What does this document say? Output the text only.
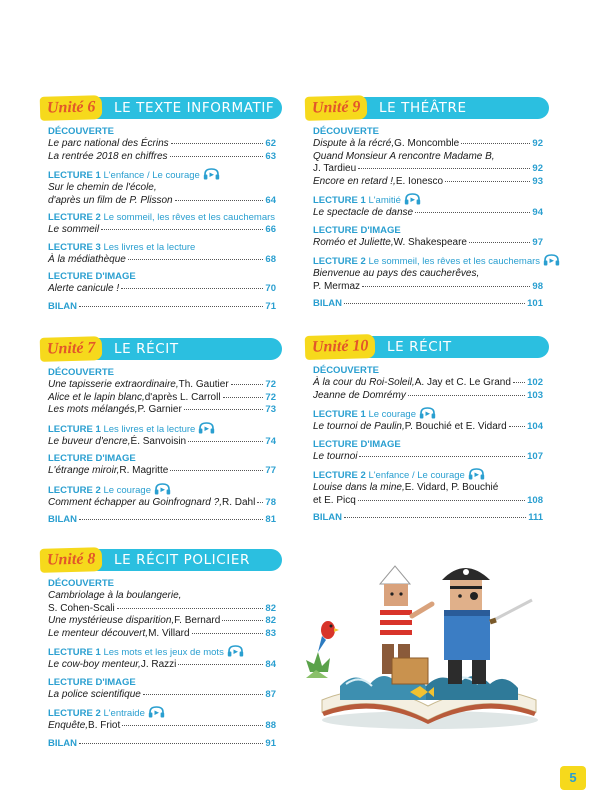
Unité 6	LE TEXTE INFORMATIF
DÉCOUVERTE
Le parc national des Écrins	62
La rentrée 2018 en chiffres	63
LECTURE 1 L'enfance / Le courage
Sur le chemin de l'école,
d'après un film de P. Plisson	64
LECTURE 2 Le sommeil, les rêves et les cauchemars
Le sommeil	66
LECTURE 3 Les livres et la lecture
À la médiathèque	68
LECTURE D'IMAGE
Alerte canicule !	70
BILAN	71
Unité 7	LE RÉCIT FANTASTIQUE
DÉCOUVERTE
Une tapisserie extraordinaire, Th. Gautier	72
Alice et le lapin blanc, d'après L. Carroll	72
Les mots mélangés, P. Garnier	73
LECTURE 1 Les livres et la lecture
Le buveur d'encre, É. Sanvoisin	74
LECTURE D'IMAGE
L'étrange miroir, R. Magritte	77
LECTURE 2 Le courage
Comment échapper au Goinfrognard ?, R. Dahl 78
BILAN	81
Unité 8	LE RÉCIT POLICIER
DÉCOUVERTE
Cambriolage à la boulangerie,
S. Cohen-Scali	82
Une mystérieuse disparition, F. Bernard	82
Le menteur découvert, M. Villard	83
LECTURE 1 Les mots et les jeux de mots
Le cow-boy menteur, J. Razzi	84
LECTURE D'IMAGE
La police scientifique	87
LECTURE 2 L'entraide
Enquête, B. Friot	88
BILAN	91
Unité 9	LE THÉÂTRE
DÉCOUVERTE
Dispute à la récré, G. Moncomble	92
Quand Monsieur A rencontre Madame B,
J. Tardieu	92
Encore en retard !, E. Ionesco	93
LECTURE 1 L'amitié
Le spectacle de danse	94
LECTURE D'IMAGE
Roméo et Juliette, W. Shakespeare	97
LECTURE 2 Le sommeil, les rêves et les cauchemars
Bienvenue au pays des caucherêves,
P. Mermaz	98
BILAN	101
Unité 10	LE RÉCIT HISTORIQUE
DÉCOUVERTE
À la cour du Roi-Soleil, A. Jay et C. Le Grand 102
Jeanne de Domrémy	103
LECTURE 1 Le courage
Le tournoi de Paulin, P. Bouchié et E. Vidard 104
LECTURE D'IMAGE
Le tournoi	107
LECTURE 2 L'enfance / Le courage
Louise dans la mine, E. Vidard, P. Bouchié
et E. Picq	108
BILAN	111
5
